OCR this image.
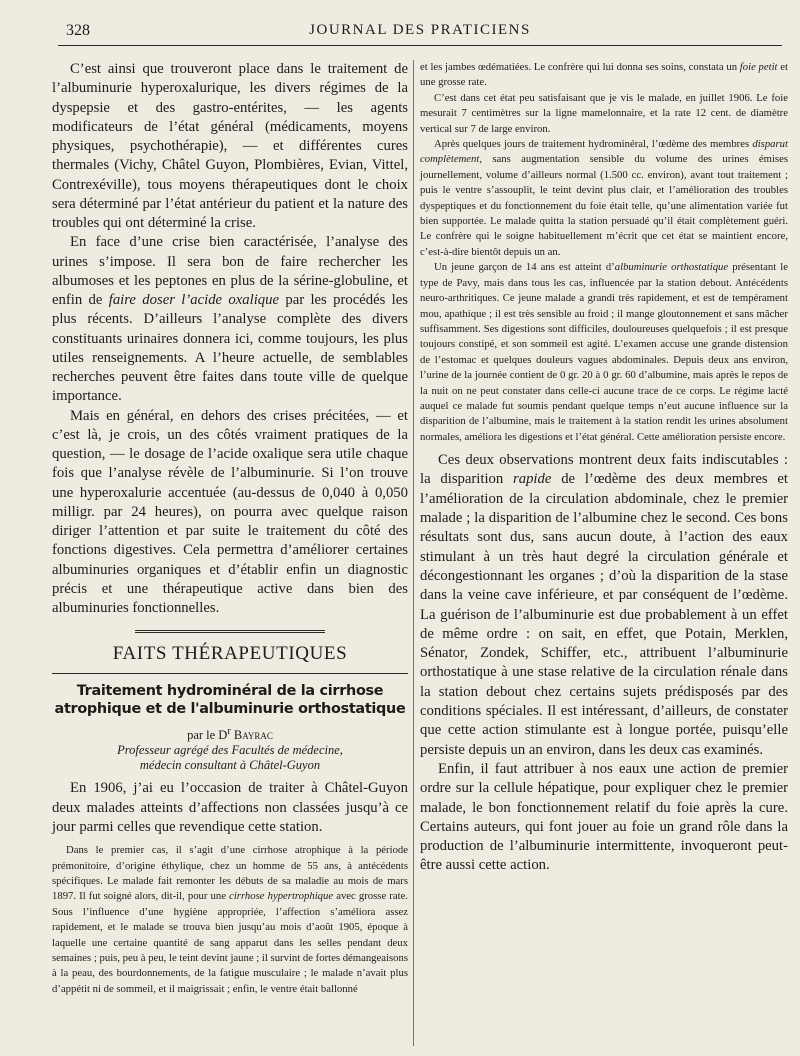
328	JOURNAL DES PRATICIENS

C’est ainsi que trouveront place dans le traitement de l’albuminurie hyperoxalurique, les divers régimes de la dyspepsie et des gastro-entérites, — les agents modificateurs de l’état général (médicaments, moyens physiques, psychothérapie), — et différentes cures thermales (Vichy, Châtel Guyon, Plombières, Evian, Vittel, Contrexéville), tous moyens thérapeutiques dont le choix sera déterminé par l’état antérieur du patient et la nature des troubles qui ont déterminé la crise.

En face d’une crise bien caractérisée, l’analyse des urines s’impose. Il sera bon de faire rechercher les albumoses et les peptones en plus de la sérine-globuline, et enfin de faire doser l’acide oxalique par les procédés les plus récents. D’ailleurs l’analyse complète des divers constituants urinaires donnera ici, comme toujours, les plus utiles renseignements. A l’heure actuelle, de semblables recherches peuvent être faites dans toute ville de quelque importance.

Mais en général, en dehors des crises précitées, — et c’est là, je crois, un des côtés vraiment pratiques de la question, — le dosage de l’acide oxalique sera utile chaque fois que l’analyse révèle de l’albuminurie. Si l’on trouve une hyperoxalurie accentuée (au-dessus de 0,040 à 0,050 milligr. par 24 heures), on pourra avec quelque raison diriger l’attention et par suite le traitement du côté des fonctions digestives. Cela permettra d’améliorer certaines albuminuries organiques et d’établir enfin un diagnostic précis et une thérapeutique active dans bien des albuminuries fonctionnelles.

FAITS THÉRAPEUTIQUES
Traitement hydrominéral de la cirrhose atrophique et de l'albuminurie orthostatique
par le $D^r$ Bayrac
Professeur agrégé des Facultés de médecine,
médecin consultant à Châtel-Guyon

En 1906, j’ai eu l’occasion de traiter à Châtel-Guyon deux malades atteints d’affections non classées jusqu’à ce jour parmi celles que revendique cette station.

Dans le premier cas, il s’agit d’une cirrhose atrophique à la période prémonitoire, d’origine éthylique, chez un homme de 55 ans, à antécédents spécifiques. Le malade fait remonter les débuts de sa maladie au mois de mars 1897. Il fut soigné alors, dit-il, pour une cirrhose hypertrophique avec grosse rate. Sous l’influence d’une hygiène appropriée, l’affection s’améliora assez rapidement, et le malade se trouva bien jusqu’au mois d’août 1905, époque à laquelle une certaine quantité de sang apparut dans les selles pendant deux semaines ; puis, peu à peu, le teint devint jaune ; il survint de fortes démangeaisons à la peau, des bourdonnements, de la fatigue musculaire ; le malade n’avait plus d’appétit ni de sommeil, et il maigrissait ; enfin, le ventre était ballonné

et les jambes œdématiées. Le confrère qui lui donna ses soins, constata un foie petit et une grosse rate.

C’est dans cet état peu satisfaisant que je vis le malade, en juillet 1906. Le foie mesurait 7 centimètres sur la ligne mamelonnaire, et la rate 12 cent. de diamètre vertical sur 7 de large environ.

Après quelques jours de traitement hydrominéral, l’œdème des membres disparut complètement, sans augmentation sensible du volume des urines émises journellement, volume d’ailleurs normal (1.500 cc. environ), avant tout traitement ; puis le ventre s’assouplit, le teint devint plus clair, et l’amélioration des troubles dyspeptiques et du fonctionnement du foie était telle, qu’une alimentation variée fut bien supportée. Le malade quitta la station persuadé qu’il était complètement guéri. Le confrère qui le soigne habituellement m’écrit que cet état se maintient encore, c’est-à-dire bientôt depuis un an.

Un jeune garçon de 14 ans est atteint d’albuminurie orthostatique présentant le type de Pavy, mais dans tous les cas, influencée par la station debout. Antécédents neuro-arthritiques. Ce jeune malade a grandi très rapidement, et est de tempérament mou, apathique ; il est très sensible au froid ; il mange gloutonnement et sans mâcher suffisamment. Ses digestions sont difficiles, douloureuses quelquefois ; il est presque toujours constipé, et son sommeil est agité. L’examen accuse une grande distension de l’estomac et quelques douleurs vagues abdominales. Depuis deux ans environ, l’urine de la journée contient de 0 gr. 20 à 0 gr. 60 d’albumine, mais après le repos de la nuit on ne peut constater dans celle-ci aucune trace de ce corps. Le régime lacté auquel ce malade fut soumis pendant quelque temps n’eut aucune influence sur la disparition de l’albumine, mais le traitement à la station rendit les urines absolument normales, améliora les digestions et l’état général. Cette amélioration persiste encore.

Ces deux observations montrent deux faits indiscutables : la disparition rapide de l’œdème des deux membres et l’amélioration de la circulation abdominale, chez le premier malade ; la disparition de l’albumine chez le second. Ces bons résultats sont dus, sans aucun doute, à l’action des eaux stimulant à un très haut degré la circulation générale et décongestionnant les organes ; d’où la disparition de la stase dans la veine cave inférieure, et par conséquent de l’œdème. La guérison de l’albuminurie est due probablement à un effet de même ordre : on sait, en effet, que Potain, Merklen, Sénator, Zondek, Schiffer, etc., attribuent l’albuminurie orthostatique à une stase relative de la circulation rénale dans la station debout chez certains sujets prédisposés par des conditions spéciales. Il est intéressant, d’ailleurs, de constater que cette action stimulante est à longue portée, puisqu’elle persiste depuis un an environ, dans les deux cas examinés.

Enfin, il faut attribuer à nos eaux une action de premier ordre sur la cellule hépatique, pour expliquer chez le premier malade, le bon fonctionnement relatif du foie après la cure. Certains auteurs, qui font jouer au foie un grand rôle dans la production de l’albuminurie intermittente, invoqueront peut-être aussi cette action.
